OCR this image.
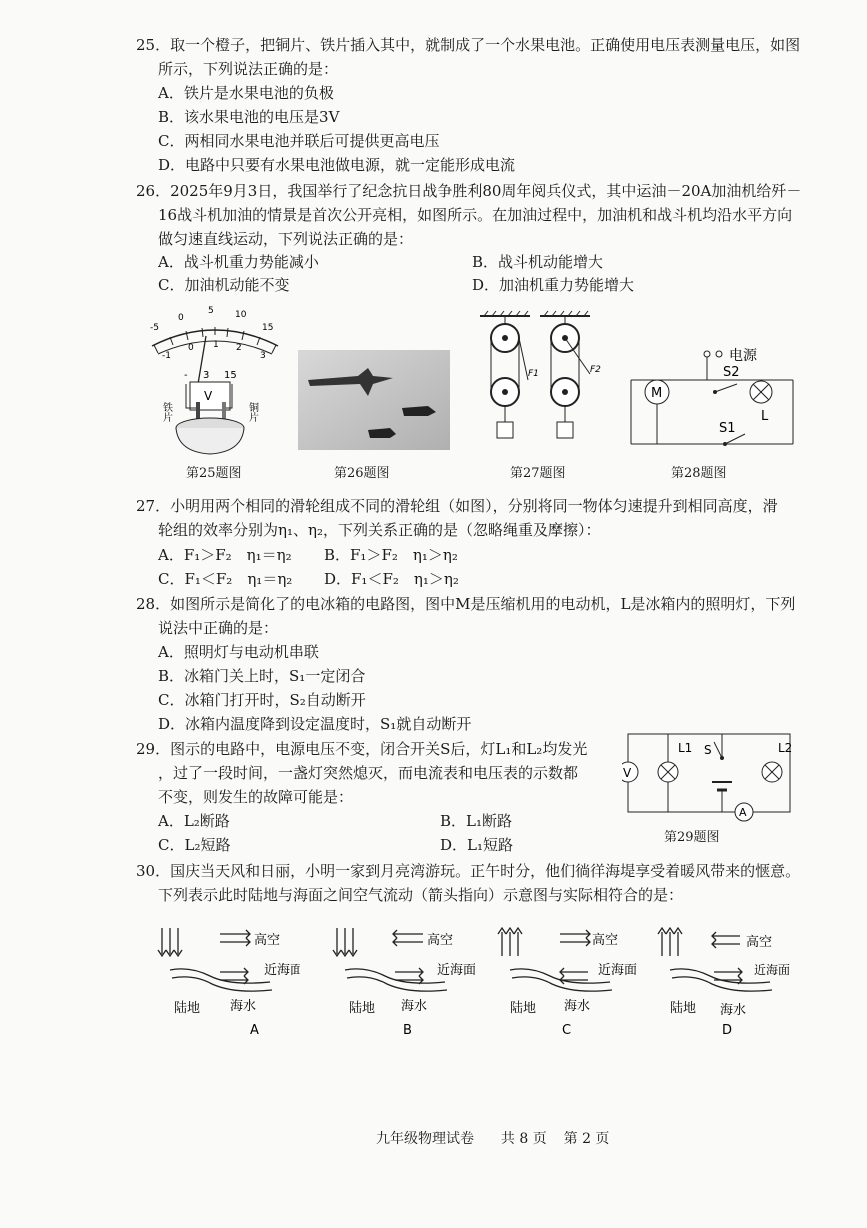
25．取一个橙子，把铜片、铁片插入其中，就制成了一个水果电池。正确使用电压表测量电压，如图
所示，下列说法正确的是：
A．铁片是水果电池的负极
B．该水果电池的电压是3V
C．两相同水果电池并联后可提供更高电压
D．电路中只要有水果电池做电源，就一定能形成电流
26．2025年9月3日，我国举行了纪念抗日战争胜利80周年阅兵仪式，其中运油－20A加油机给歼－
16战斗机加油的情景是首次公开亮相，如图所示。在加油过程中，加油机和战斗机均沿水平方向
做匀速直线运动，下列说法正确的是：
A．战斗机重力势能减小	B．战斗机动能增大
C．加油机动能不变	D．加油机重力势能增大
-5
0
5 10
15
-1
0 1 2
3
- 3 15
V
铁片	铜片
第25题图	第26题图
F1	F2
第27题图
电源
M
S2
L
S1
第28题图
27．小明用两个相同的滑轮组成不同的滑轮组（如图），分别将同一物体匀速提升到相同高度，滑
轮组的效率分别为η₁、η₂，下列关系正确的是（忽略绳重及摩擦）：
A．F₁＞F₂　η₁＝η₂ B．F₁＞F₂　η₁＞η₂
C．F₁＜F₂　η₁＝η₂ D．F₁＜F₂　η₁＞η₂
28．如图所示是简化了的电冰箱的电路图，图中M是压缩机用的电动机，L是冰箱内的照明灯，下列
说法中正确的是：
A．照明灯与电动机串联
B．冰箱门关上时，S₁一定闭合
C．冰箱门打开时，S₂自动断开
D．冰箱内温度降到设定温度时，S₁就自动断开
29．图示的电路中，电源电压不变，闭合开关S后，灯L₁和L₂均发光
，过了一段时间，一盏灯突然熄灭，而电流表和电压表的示数都
不变，则发生的故障可能是：
A．L₂断路	B．L₁断路
C．L₂短路	D．L₁短路
V
L1 S	L2
A
第29题图
30．国庆当天风和日丽，小明一家到月亮湾游玩。正午时分，他们徜徉海堤享受着暖风带来的惬意。
下列表示此时陆地与海面之间空气流动（箭头指向）示意图与实际相符合的是：
高空
近海面
陆地 海水
A
高空
近海面
陆地 海水
B
高空
近海面
陆地 海水
C
高空
近海面
陆地 海水
D
九年级物理试卷 共 8 页 第 2 页
